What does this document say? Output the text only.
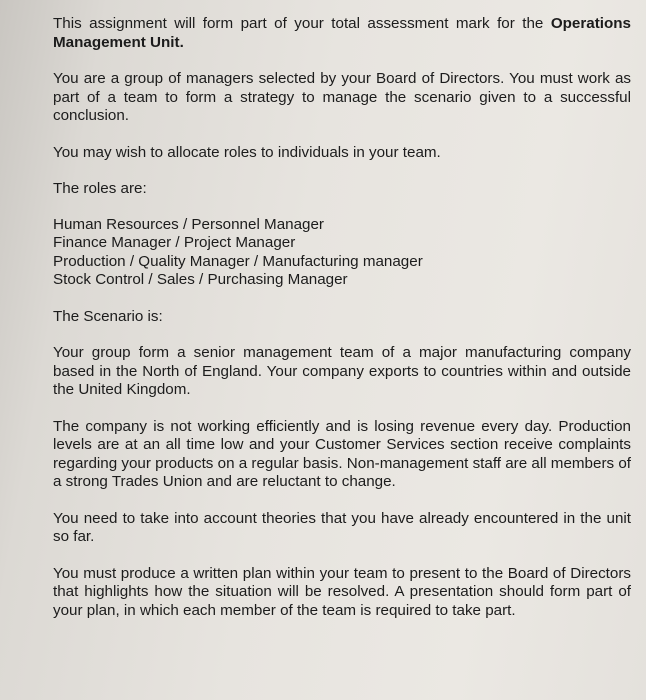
This assignment will form part of your total assessment mark for the Operations Management Unit.

You are a group of managers selected by your Board of Directors. You must work as part of a team to form a strategy to manage the scenario given to a successful conclusion.

You may wish to allocate roles to individuals in your team.

The roles are:

Human Resources / Personnel Manager
Finance Manager / Project Manager
Production / Quality Manager / Manufacturing manager
Stock Control / Sales / Purchasing Manager

The Scenario is:

Your group form a senior management team of a major manufacturing company based in the North of England. Your company exports to countries within and outside the United Kingdom.

The company is not working efficiently and is losing revenue every day. Production levels are at an all time low and your Customer Services section receive complaints regarding your products on a regular basis. Non-management staff are all members of a strong Trades Union and are reluctant to change.

You need to take into account theories that you have already encountered in the unit so far.

You must produce a written plan within your team to present to the Board of Directors that highlights how the situation will be resolved. A presentation should form part of your plan, in which each member of the team is required to take part.
